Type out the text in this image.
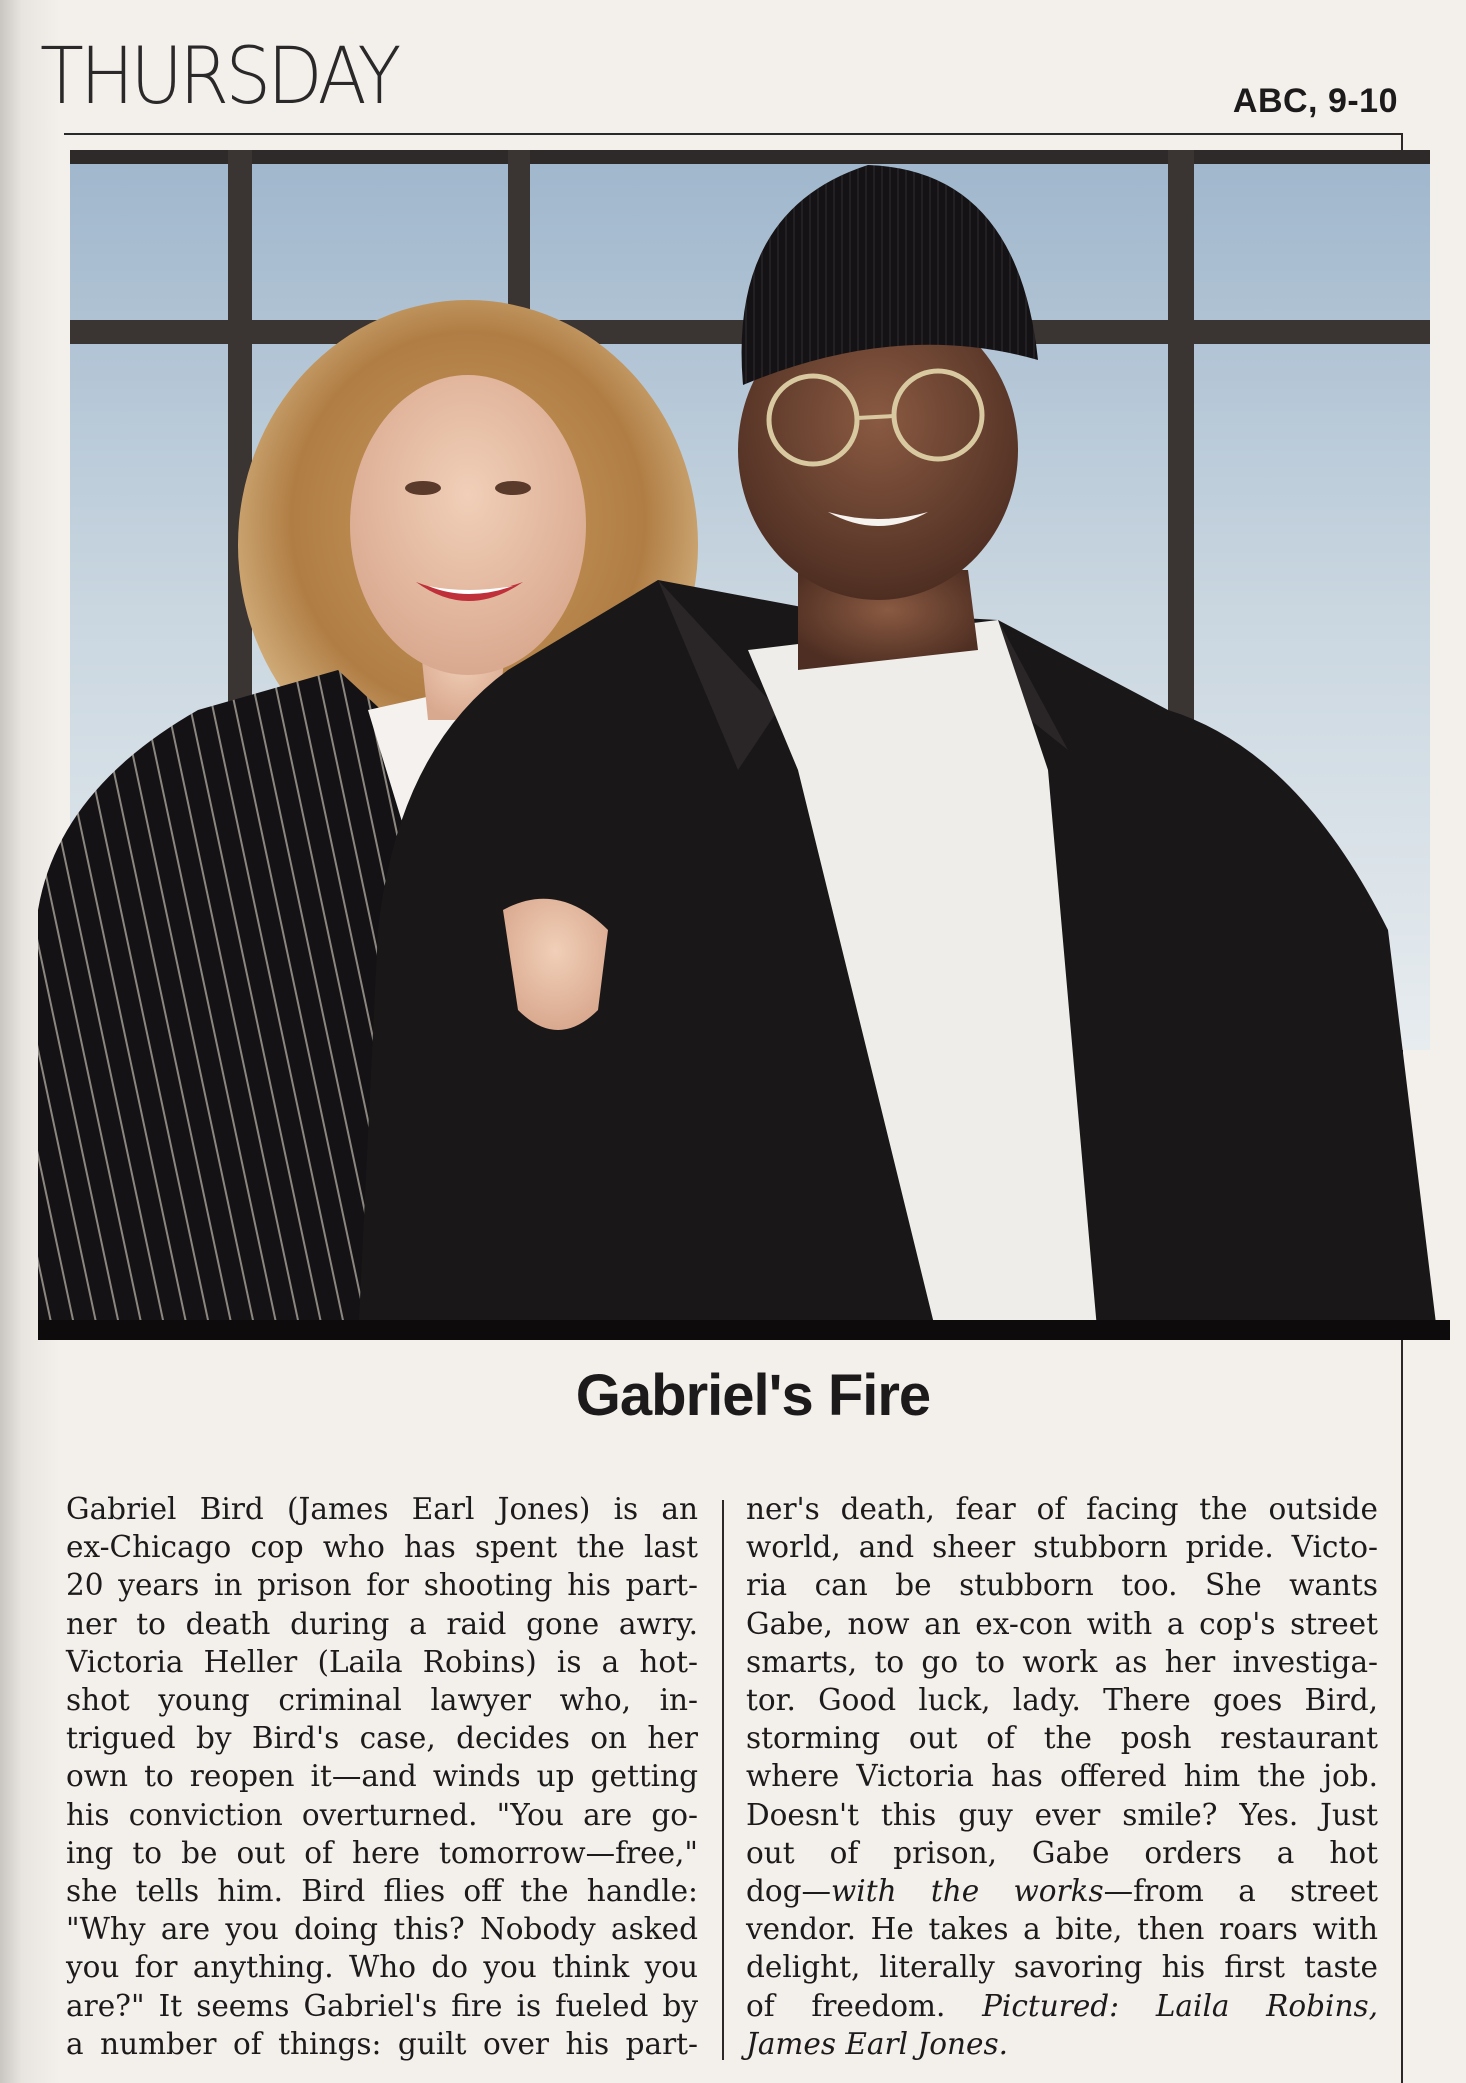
THURSDAY	ABC, 9-10
Gabriel's Fire
Gabriel Bird (James Earl Jones) is an
ex-Chicago cop who has spent the last
20 years in prison for shooting his part-
ner to death during a raid gone awry.
Victoria Heller (Laila Robins) is a hot-
shot young criminal lawyer who, in-
trigued by Bird's case, decides on her
own to reopen it—and winds up getting
his conviction overturned. "You are go-
ing to be out of here tomorrow—free,"
she tells him. Bird flies off the handle:
"Why are you doing this? Nobody asked
you for anything. Who do you think you
are?" It seems Gabriel's fire is fueled by
a number of things: guilt over his part-
ner's death, fear of facing the outside
world, and sheer stubborn pride. Victo-
ria can be stubborn too. She wants
Gabe, now an ex-con with a cop's street
smarts, to go to work as her investiga-
tor. Good luck, lady. There goes Bird,
storming out of the posh restaurant
where Victoria has offered him the job.
Doesn't this guy ever smile? Yes. Just
out of prison, Gabe orders a hot
dog—with the works—from a street
vendor. He takes a bite, then roars with
delight, literally savoring his first taste
of freedom. Pictured: Laila Robins,
James Earl Jones.
